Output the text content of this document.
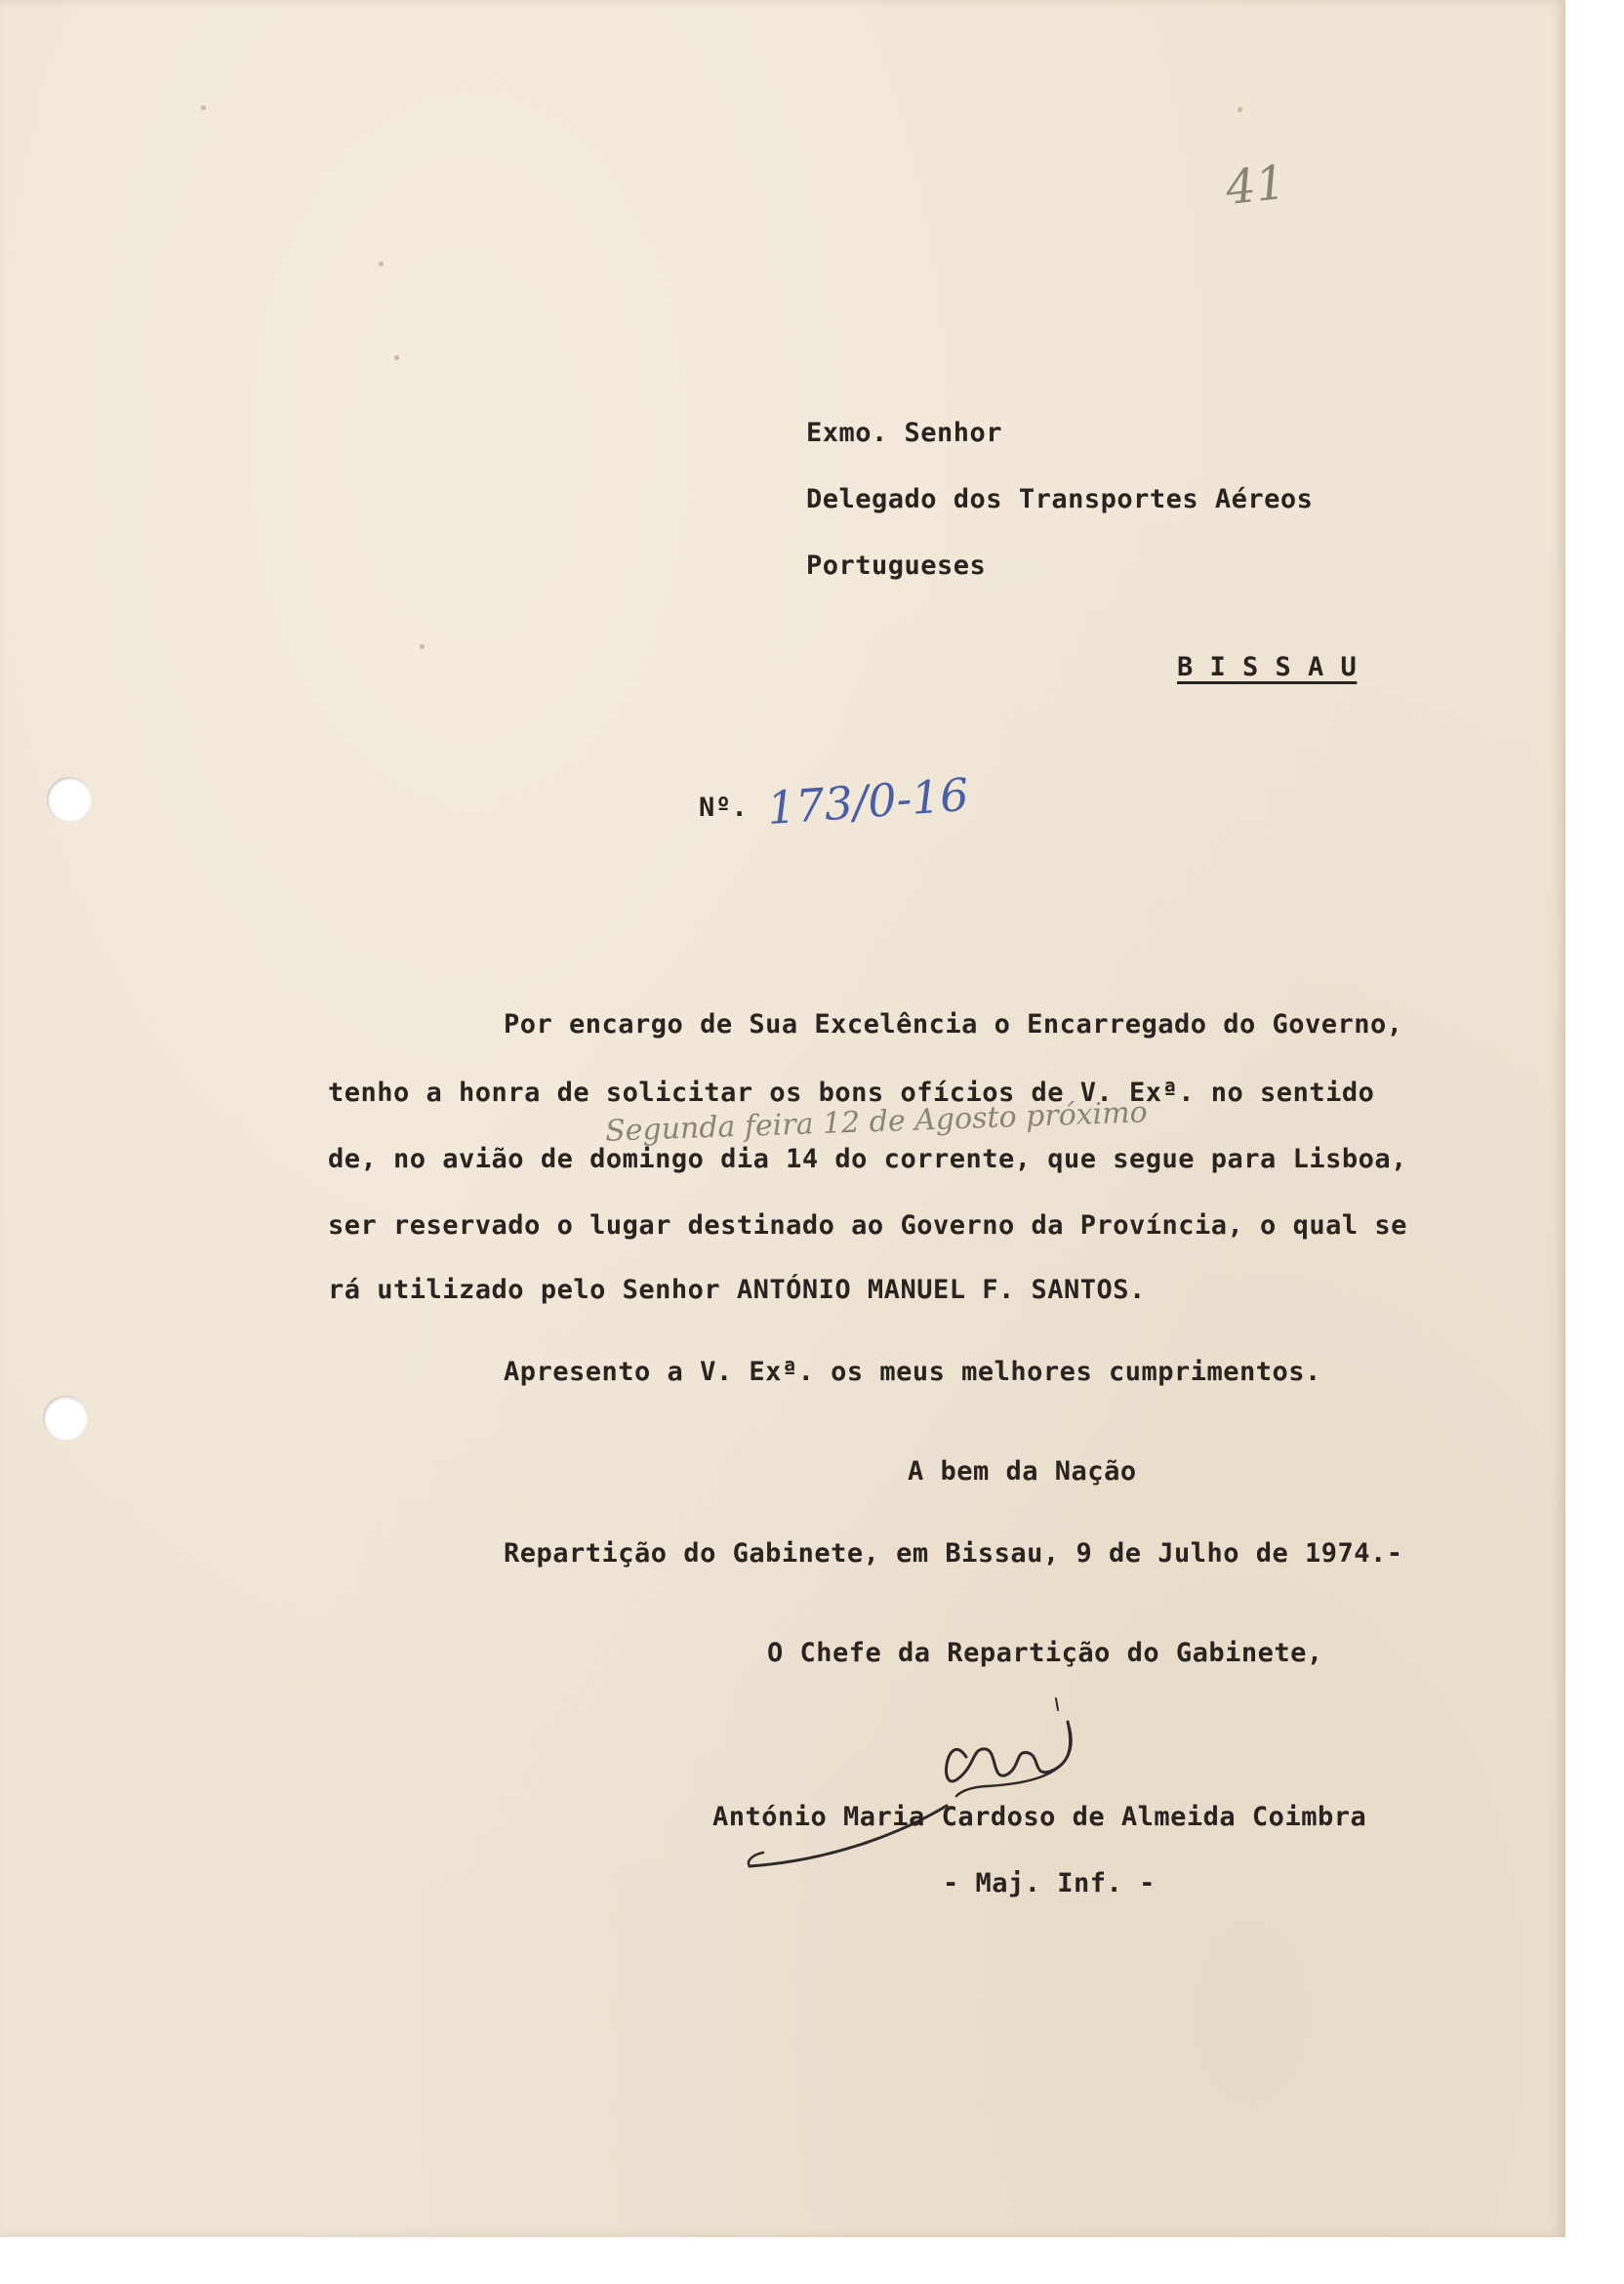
41
Exmo. Senhor
Delegado dos Transportes Aéreos
Portugueses
B I S S A U
Nº. 173/0-16
Por encargo de Sua Excelência o Encarregado do Governo,
tenho a honra de solicitar os bons ofícios de V. Exª. no sentido
Segunda feira 12 de Agosto próximo
de, no avião de domingo dia 14 do corrente, que segue para Lisboa,
ser reservado o lugar destinado ao Governo da Província, o qual se
rá utilizado pelo Senhor ANTÓNIO MANUEL F. SANTOS.
Apresento a V. Exª. os meus melhores cumprimentos.
A bem da Nação
Repartição do Gabinete, em Bissau, 9 de Julho de 1974.-
O Chefe da Repartição do Gabinete,
António Maria Cardoso de Almeida Coimbra
- Maj. Inf. -
